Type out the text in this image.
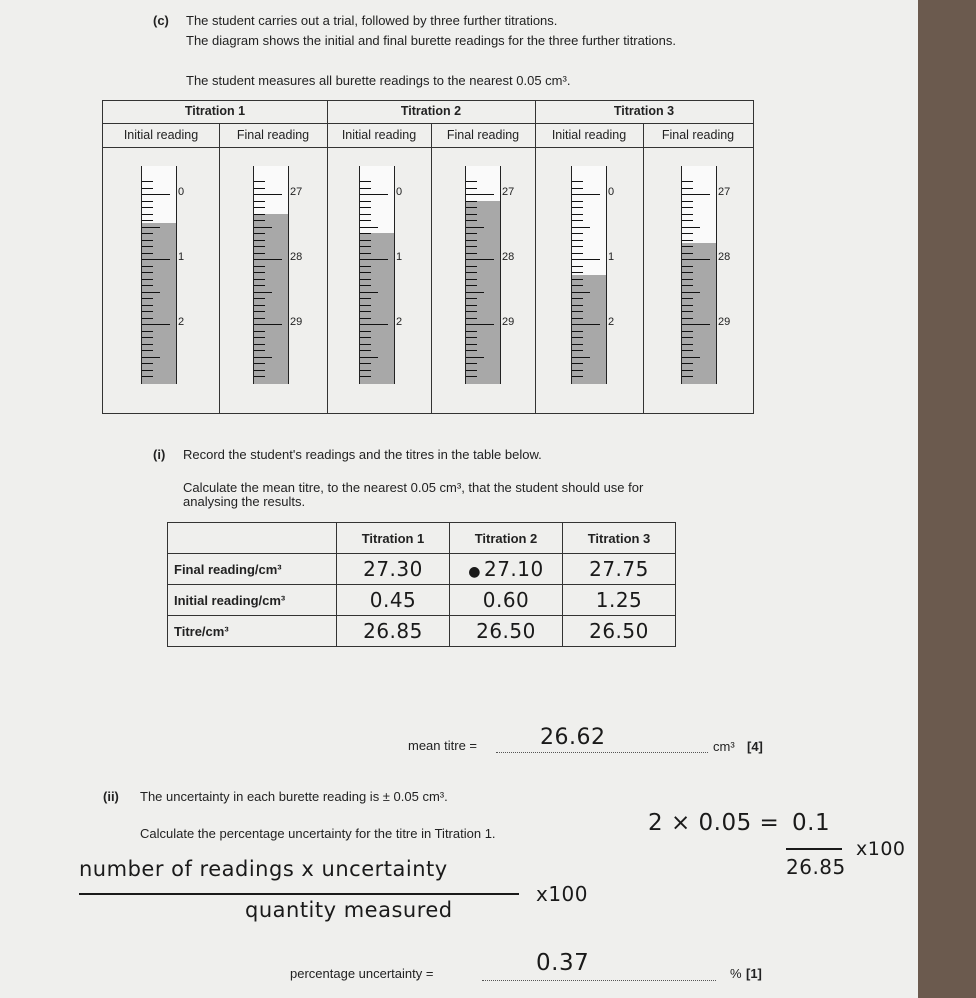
(c) The student carries out a trial, followed by three further titrations.
The diagram shows the initial and final burette readings for the three further titrations.
The student measures all burette readings to the nearest 0.05 cm³.
Titration 1	Titration 2	Titration 3
Initial reading	Final reading	Initial reading	Final reading	Initial reading	Final reading
0
1
2
27
28
29
0
1
2
27
28
29
0
1
2
27
28
29
(i) Record the student's readings and the titres in the table below.
Calculate the mean titre, to the nearest 0.05 cm³, that the student should use for
analysing the results.
	Titration 1	Titration 2	Titration 3
Final reading/cm³	27.30	● 27.10	27.75
Initial reading/cm³	0.45	0.60	1.25
Titre/cm³	26.85	26.50	26.50
mean titre =	26.62	cm³ [4]
(ii) The uncertainty in each burette reading is ± 0.05 cm³.
Calculate the percentage uncertainty for the titre in Titration 1.	2 × 0.05 = 0.1
26.85
x100
number of readings x uncertainty
quantity measured
x100
percentage uncertainty =	0.37	% [1]
